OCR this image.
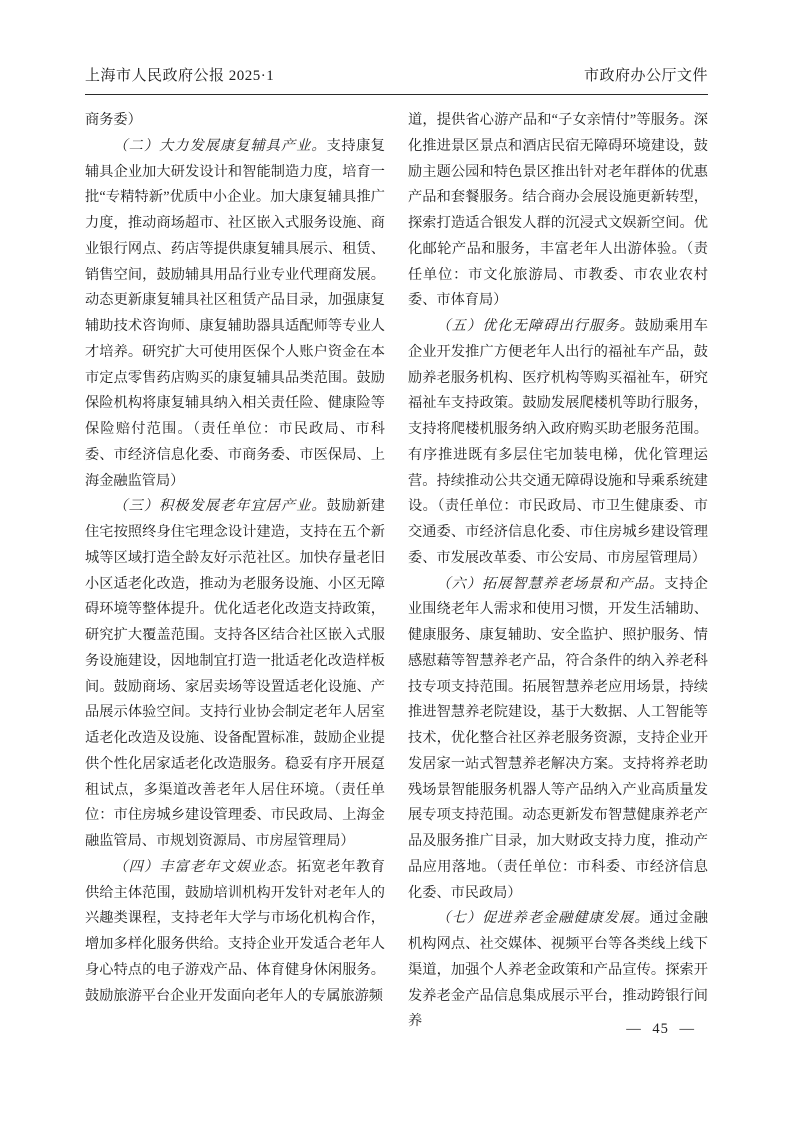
上海市人民政府公报 2025·1	市政府办公厅文件

商务委）

（二）大力发展康复辅具产业。支持康复辅具企业加大研发设计和智能制造力度，培育一批“专精特新”优质中小企业。加大康复辅具推广力度，推动商场超市、社区嵌入式服务设施、商业银行网点、药店等提供康复辅具展示、租赁、销售空间，鼓励辅具用品行业专业代理商发展。动态更新康复辅具社区租赁产品目录，加强康复辅助技术咨询师、康复辅助器具适配师等专业人才培养。研究扩大可使用医保个人账户资金在本市定点零售药店购买的康复辅具品类范围。鼓励保险机构将康复辅具纳入相关责任险、健康险等保险赔付范围。（责任单位：市民政局、市科委、市经济信息化委、市商务委、市医保局、上海金融监管局）

（三）积极发展老年宜居产业。鼓励新建住宅按照终身住宅理念设计建造，支持在五个新城等区域打造全龄友好示范社区。加快存量老旧小区适老化改造，推动为老服务设施、小区无障碍环境等整体提升。优化适老化改造支持政策，研究扩大覆盖范围。支持各区结合社区嵌入式服务设施建设，因地制宜打造一批适老化改造样板间。鼓励商场、家居卖场等设置适老化设施、产品展示体验空间。支持行业协会制定老年人居室适老化改造及设施、设备配置标准，鼓励企业提供个性化居家适老化改造服务。稳妥有序开展趸租试点，多渠道改善老年人居住环境。（责任单位：市住房城乡建设管理委、市民政局、上海金融监管局、市规划资源局、市房屋管理局）

（四）丰富老年文娱业态。拓宽老年教育供给主体范围，鼓励培训机构开发针对老年人的兴趣类课程，支持老年大学与市场化机构合作，增加多样化服务供给。支持企业开发适合老年人身心特点的电子游戏产品、体育健身休闲服务。鼓励旅游平台企业开发面向老年人的专属旅游频

道，提供省心游产品和“子女亲情付”等服务。深化推进景区景点和酒店民宿无障碍环境建设，鼓励主题公园和特色景区推出针对老年群体的优惠产品和套餐服务。结合商办会展设施更新转型，探索打造适合银发人群的沉浸式文娱新空间。优化邮轮产品和服务，丰富老年人出游体验。（责任单位：市文化旅游局、市教委、市农业农村委、市体育局）

（五）优化无障碍出行服务。鼓励乘用车企业开发推广方便老年人出行的福祉车产品，鼓励养老服务机构、医疗机构等购买福祉车，研究福祉车支持政策。鼓励发展爬楼机等助行服务，支持将爬楼机服务纳入政府购买助老服务范围。有序推进既有多层住宅加装电梯，优化管理运营。持续推动公共交通无障碍设施和导乘系统建设。（责任单位：市民政局、市卫生健康委、市交通委、市经济信息化委、市住房城乡建设管理委、市发展改革委、市公安局、市房屋管理局）

（六）拓展智慧养老场景和产品。支持企业围绕老年人需求和使用习惯，开发生活辅助、健康服务、康复辅助、安全监护、照护服务、情感慰藉等智慧养老产品，符合条件的纳入养老科技专项支持范围。拓展智慧养老应用场景，持续推进智慧养老院建设，基于大数据、人工智能等技术，优化整合社区养老服务资源，支持企业开发居家一站式智慧养老解决方案。支持将养老助残场景智能服务机器人等产品纳入产业高质量发展专项支持范围。动态更新发布智慧健康养老产品及服务推广目录，加大财政支持力度，推动产品应用落地。（责任单位：市科委、市经济信息化委、市民政局）

（七）促进养老金融健康发展。通过金融机构网点、社交媒体、视频平台等各类线上线下渠道，加强个人养老金政策和产品宣传。探索开发养老金产品信息集成展示平台，推动跨银行间养	— 45 —
